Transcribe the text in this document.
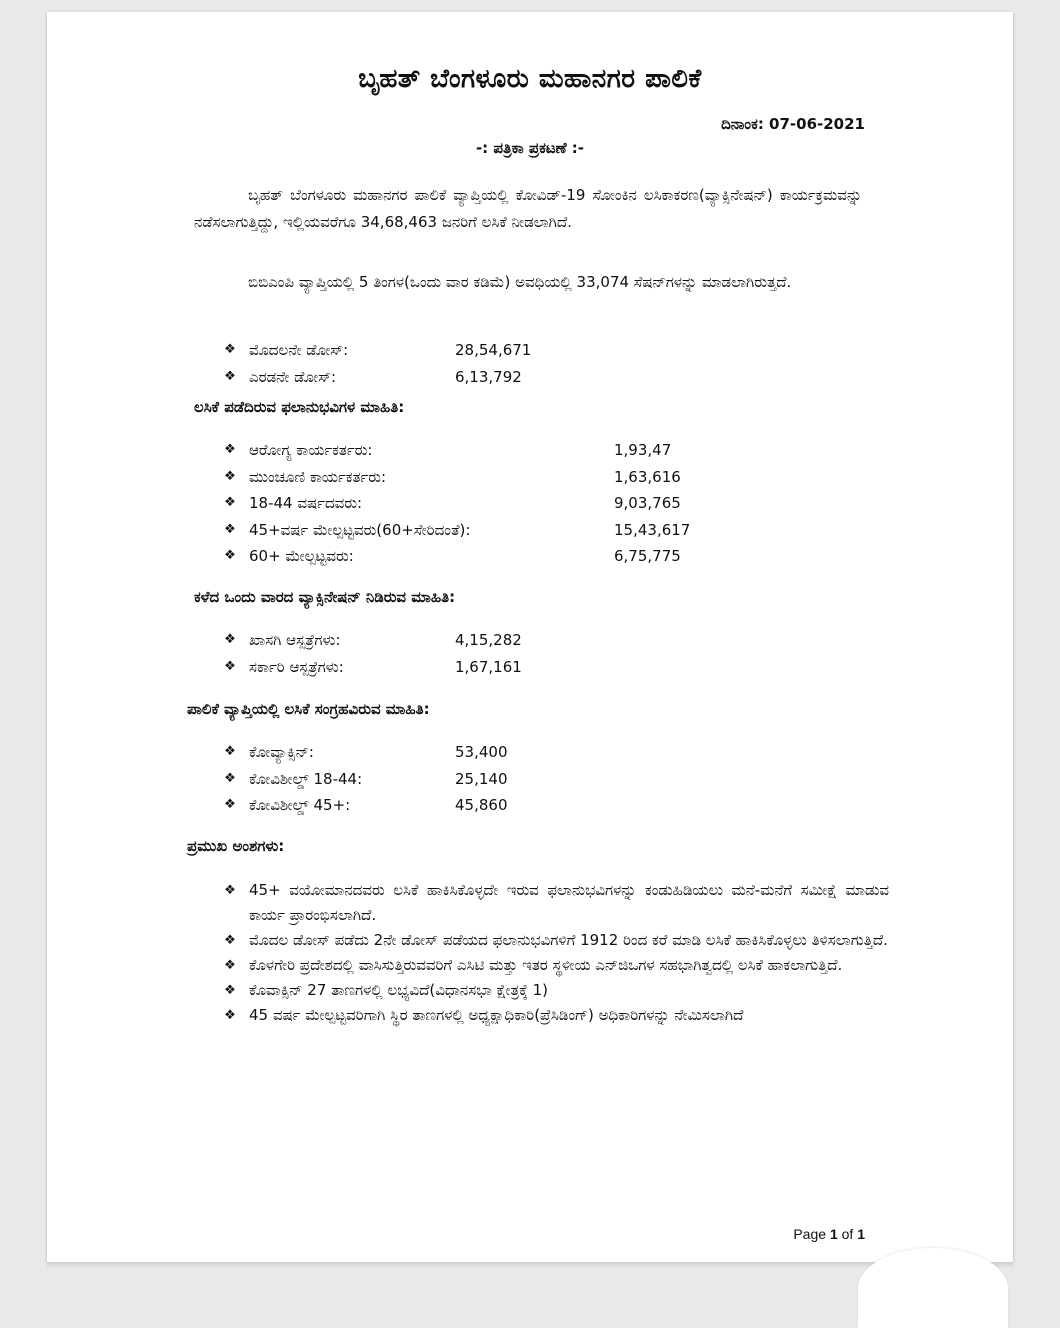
ಬೃಹತ್ ಬೆಂಗಳೂರು ಮಹಾನಗರ ಪಾಲಿಕೆ
ದಿನಾಂಕ: 07-06-2021
-: ಪತ್ರಿಕಾ ಪ್ರಕಟಣೆ :-
ಬೃಹತ್ ಬೆಂಗಳೂರು ಮಹಾನಗರ ಪಾಲಿಕೆ ವ್ಯಾಪ್ತಿಯಲ್ಲಿ ಕೋವಿಡ್-19 ಸೋಂಕಿನ ಲಸಿಕಾಕರಣ(ವ್ಯಾಕ್ಸಿನೇಷನ್) ಕಾರ್ಯಕ್ರಮವನ್ನು ನಡೆಸಲಾಗುತ್ತಿದ್ದು, ಇಲ್ಲಿಯವರೆಗೂ 34,68,463 ಜನರಿಗೆ ಲಸಿಕೆ ನೀಡಲಾಗಿದೆ.
ಬಿಬಿಎಂಪಿ ವ್ಯಾಪ್ತಿಯಲ್ಲಿ 5 ತಿಂಗಳ(ಒಂದು ವಾರ ಕಡಿಮೆ) ಅವಧಿಯಲ್ಲಿ 33,074 ಸೆಷನ್‌ಗಳನ್ನು ಮಾಡಲಾಗಿರುತ್ತದೆ.
❖ ಮೊದಲನೇ ಡೋಸ್:	28,54,671
❖ ಎರಡನೇ ಡೋಸ್:	6,13,792
ಲಸಿಕೆ ಪಡೆದಿರುವ ಫಲಾನುಭವಿಗಳ ಮಾಹಿತಿ:
❖ ಆರೋಗ್ಯ ಕಾರ್ಯಕರ್ತರು:	1,93,47
❖ ಮುಂಚೂಣಿ ಕಾರ್ಯಕರ್ತರು:	1,63,616
❖ 18-44 ವರ್ಷದವರು:	9,03,765
❖ 45+ವರ್ಷ ಮೇಲ್ಪಟ್ಟವರು(60+ಸೇರಿದಂತೆ):	15,43,617
❖ 60+ ಮೇಲ್ಪಟ್ಟವರು:	6,75,775
ಕಳೆದ ಒಂದು ವಾರದ ವ್ಯಾಕ್ಸಿನೇಷನ್ ನಿಡಿರುವ ಮಾಹಿತಿ:
❖ ಖಾಸಗಿ ಆಸ್ಪತ್ರೆಗಳು:	4,15,282
❖ ಸರ್ಕಾರಿ ಆಸ್ಪತ್ರೆಗಳು:	1,67,161
ಪಾಲಿಕೆ ವ್ಯಾಪ್ತಿಯಲ್ಲಿ ಲಸಿಕೆ ಸಂಗ್ರಹವಿರುವ ಮಾಹಿತಿ:
❖ ಕೋವ್ಯಾಕ್ಸಿನ್:	53,400
❖ ಕೋವಿಶೀಲ್ಡ್ 18-44:	25,140
❖ ಕೋವಿಶೀಲ್ಡ್ 45+:	45,860
ಪ್ರಮುಖ ಅಂಶಗಳು:
❖ 45+ ವಯೋಮಾನದವರು ಲಸಿಕೆ ಹಾಕಿಸಿಕೊಳ್ಳದೇ ಇರುವ ಫಲಾನುಭವಿಗಳನ್ನು ಕಂಡುಹಿಡಿಯಲು ಮನೆ-ಮನೆಗೆ ಸಮೀಕ್ಷೆ ಮಾಡುವ ಕಾರ್ಯ ಪ್ರಾರಂಭಿಸಲಾಗಿದೆ.
❖ ಮೊದಲ ಡೋಸ್ ಪಡೆದು 2ನೇ ಡೋಸ್ ಪಡೆಯದ ಫಲಾನುಭವಿಗಳಿಗೆ 1912 ರಿಂದ ಕರೆ ಮಾಡಿ ಲಸಿಕೆ ಹಾಕಿಸಿಕೊಳ್ಳಲು ತಿಳಿಸಲಾಗುತ್ತಿದೆ.
❖ ಕೊಳಗೇರಿ ಪ್ರದೇಶದಲ್ಲಿ ವಾಸಿಸುತ್ತಿರುವವರಿಗೆ ಎಸಿಟಿ ಮತ್ತು ಇತರ ಸ್ಥಳೀಯ ಎನ್‌ಜಿಒಗಳ ಸಹಭಾಗಿತ್ವದಲ್ಲಿ ಲಸಿಕೆ ಹಾಕಲಾಗುತ್ತಿದೆ.
❖ ಕೊವಾಕ್ಸಿನ್ 27 ತಾಣಗಳಲ್ಲಿ ಲಭ್ಯವಿದೆ(ವಿಧಾನಸಭಾ ಕ್ಷೇತ್ರಕ್ಕೆ 1)
❖ 45 ವರ್ಷ ಮೇಲ್ಪಟ್ಟವರಿಗಾಗಿ ಸ್ಥಿರ ತಾಣಗಳಲ್ಲಿ ಅಧ್ಯಕ್ಷಾಧಿಕಾರಿ(ಪ್ರೆಸಿಡಿಂಗ್) ಅಧಿಕಾರಿಗಳನ್ನು ನೇಮಿಸಲಾಗಿದೆ
Page 1 of 1
